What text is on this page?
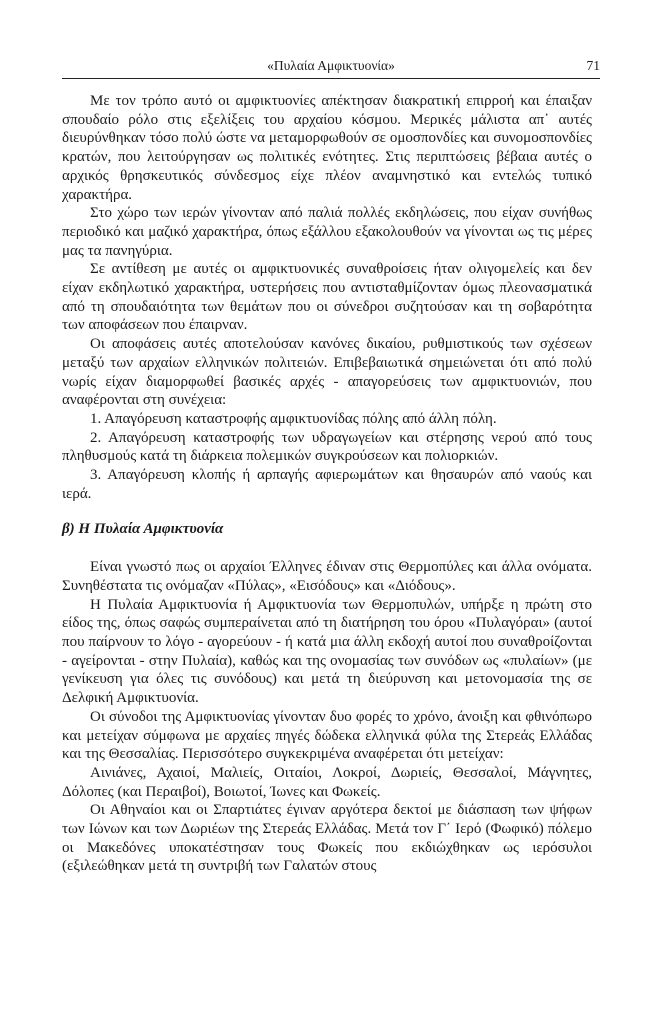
«Πυλαία Αμφικτυονία»	71

Με τον τρόπο αυτό οι αμφικτυονίες απέκτησαν διακρατική επιρροή και έπαιξαν σπουδαίο ρόλο στις εξελίξεις του αρχαίου κόσμου. Μερικές μάλιστα απ᾽ αυτές διευρύνθηκαν τόσο πολύ ώστε να μεταμορφωθούν σε ομοσπονδίες και συνομοσπονδίες κρατών, που λειτούργησαν ως πολιτικές ενότητες. Στις περιπτώσεις βέβαια αυτές ο αρχικός θρησκευτικός σύνδεσμος είχε πλέον αναμνηστικό και εντελώς τυπικό χαρακτήρα.

Στο χώρο των ιερών γίνονταν από παλιά πολλές εκδηλώσεις, που είχαν συνήθως περιοδικό και μαζικό χαρακτήρα, όπως εξάλλου εξακολουθούν να γίνονται ως τις μέρες μας τα πανηγύρια.

Σε αντίθεση με αυτές οι αμφικτυονικές συναθροίσεις ήταν ολιγομελείς και δεν είχαν εκδηλωτικό χαρακτήρα, υστερήσεις που αντισταθμίζονταν όμως πλεονασματικά από τη σπουδαιότητα των θεμάτων που οι σύνεδροι συζητούσαν και τη σοβαρότητα των αποφάσεων που έπαιρναν.

Οι αποφάσεις αυτές αποτελούσαν κανόνες δικαίου, ρυθμιστικούς των σχέσεων μεταξύ των αρχαίων ελληνικών πολιτειών. Επιβεβαιωτικά σημειώνεται ότι από πολύ νωρίς είχαν διαμορφωθεί βασικές αρχές - απαγορεύσεις των αμφικτυονιών, που αναφέρονται στη συνέχεια:

1. Απαγόρευση καταστροφής αμφικτυονίδας πόλης από άλλη πόλη.

2. Απαγόρευση καταστροφής των υδραγωγείων και στέρησης νερού από τους πληθυσμούς κατά τη διάρκεια πολεμικών συγκρούσεων και πολιορκιών.

3. Απαγόρευση κλοπής ή αρπαγής αφιερωμάτων και θησαυρών από ναούς και ιερά.

β) Η Πυλαία Αμφικτυονία

Είναι γνωστό πως οι αρχαίοι Έλληνες έδιναν στις Θερμοπύλες και άλλα ονόματα. Συνηθέστατα τις ονόμαζαν «Πύλας», «Εισόδους» και «Διόδους».

Η Πυλαία Αμφικτυονία ή Αμφικτυονία των Θερμοπυλών, υπήρξε η πρώτη στο είδος της, όπως σαφώς συμπεραίνεται από τη διατήρηση του όρου «Πυλαγόραι» (αυτοί που παίρνουν το λόγο - αγορεύουν - ή κατά μια άλλη εκδοχή αυτοί που συναθροίζονται - αγείρονται - στην Πυλαία), καθώς και της ονομασίας των συνόδων ως «πυλαίων» (με γενίκευση για όλες τις συνόδους) και μετά τη διεύρυνση και μετονομασία της σε Δελφική Αμφικτυονία.

Οι σύνοδοι της Αμφικτυονίας γίνονταν δυο φορές το χρόνο, άνοιξη και φθινόπωρο και μετείχαν σύμφωνα με αρχαίες πηγές δώδεκα ελληνικά φύλα της Στερεάς Ελλάδας και της Θεσσαλίας. Περισσότερο συγκεκριμένα αναφέρεται ότι μετείχαν:

Αινιάνες, Αχαιοί, Μαλιείς, Οιταίοι, Λοκροί, Δωριείς, Θεσσαλοί, Μάγνητες, Δόλοπες (και Περαιβοί), Βοιωτοί, Ίωνες και Φωκείς.

Οι Αθηναίοι και οι Σπαρτιάτες έγιναν αργότερα δεκτοί με διάσπαση των ψήφων των Ιώνων και των Δωριέων της Στερεάς Ελλάδας. Μετά τον Γ΄ Ιερό (Φωφικό) πόλεμο οι Μακεδόνες υποκατέστησαν τους Φωκείς που εκδιώχθηκαν ως ιερόσυλοι (εξιλεώθηκαν μετά τη συντριβή των Γαλατών στους
